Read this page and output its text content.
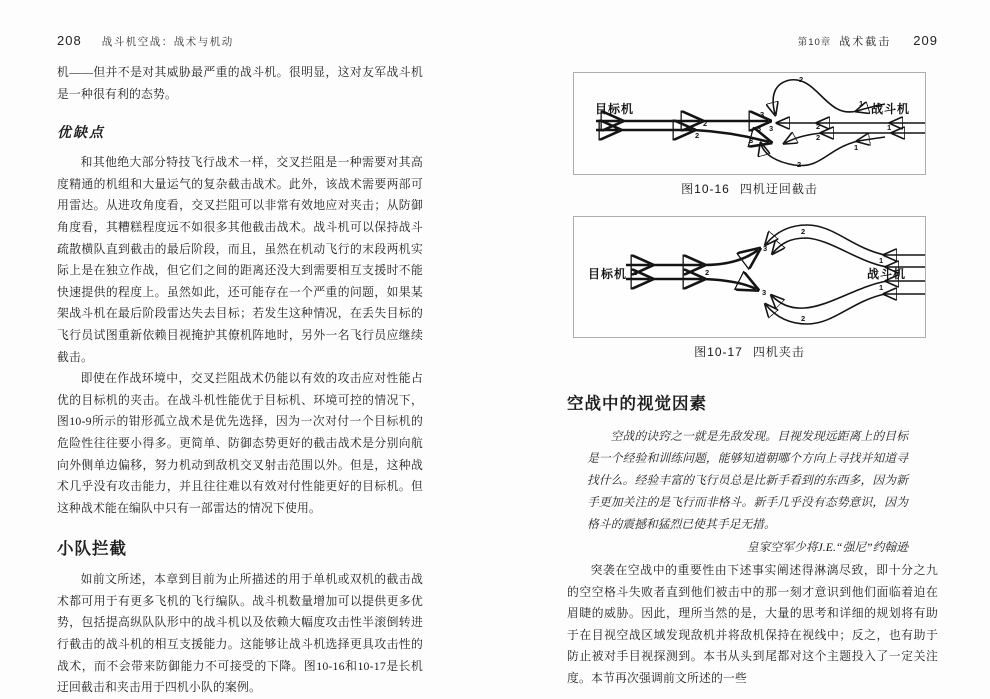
208 战斗机空战：战术与机动

机——但并不是对其威胁最严重的战斗机。很明显，这对友军战斗机是一种很有利的态势。

优缺点

和其他绝大部分特技飞行战术一样，交叉拦阻是一种需要对其高度精通的机组和大量运气的复杂截击战术。此外，该战术需要两部可用雷达。从进攻角度看，交叉拦阻可以非常有效地应对夹击；从防御角度看，其糟糕程度远不如很多其他截击战术。战斗机可以保持战斗疏散横队直到截击的最后阶段，而且，虽然在机动飞行的末段两机实际上是在独立作战，但它们之间的距离还没大到需要相互支援时不能快速提供的程度上。虽然如此，还可能存在一个严重的问题，如果某架战斗机在最后阶段雷达失去目标；若发生这种情况，在丢失目标的飞行员试图重新依赖目视掩护其僚机阵地时，另外一名飞行员应继续截击。

即使在作战环境中，交叉拦阻战术仍能以有效的攻击应对性能占优的目标机的夹击。在战斗机性能优于目标机、环境可控的情况下，图10-9所示的钳形孤立战术是优先选择，因为一次对付一个目标机的危险性往往要小得多。更简单、防御态势更好的截击战术是分别向航向外侧单边偏移，努力机动到敌机交叉射击范围以外。但是，这种战术几乎没有攻击能力，并且往往难以有效对付性能更好的目标机。但这种战术能在编队中只有一部雷达的情况下使用。

小队拦截

如前文所述，本章到目前为止所描述的用于单机或双机的截击战术都可用于有更多飞机的飞行编队。战斗机数量增加可以提供更多优势，包括提高纵队队形中的战斗机以及依赖大幅度攻击性半滚倒转进行截击的战斗机的相互支援能力。这能够让战斗机选择更具攻击性的战术，而不会带来防御能力不可接受的下降。图10-16和10-17是长机迂回截击和夹击用于四机小队的案例。

第10章 战术截击 209
目标机	战斗机
1	1
1
1
2
2
2
2
2
2
3
3 3
3
图10-16 四机迂回截击
目标机	战斗机
1
1
1
2
2
2
3
3
图10-17 四机夹击
空战中的视觉因素

空战的诀窍之一就是先敌发现。目视发现远距离上的目标是一个经验和训练问题，能够知道朝哪个方向上寻找并知道寻找什么。经验丰富的飞行员总是比新手看到的东西多，因为新手更加关注的是飞行而非格斗。新手几乎没有态势意识，因为格斗的震撼和猛烈已使其手足无措。

皇家空军少将J.E.“强尼”约翰逊

突袭在空战中的重要性由下述事实阐述得淋漓尽致，即十分之九的空空格斗失败者直到他们被击中的那一刻才意识到他们面临着迫在眉睫的威胁。因此，理所当然的是，大量的思考和详细的规划将有助于在目视空战区域发现敌机并将敌机保持在视线中；反之，也有助于防止被对手目视探测到。本书从头到尾都对这个主题投入了一定关注度。本节再次强调前文所述的一些
